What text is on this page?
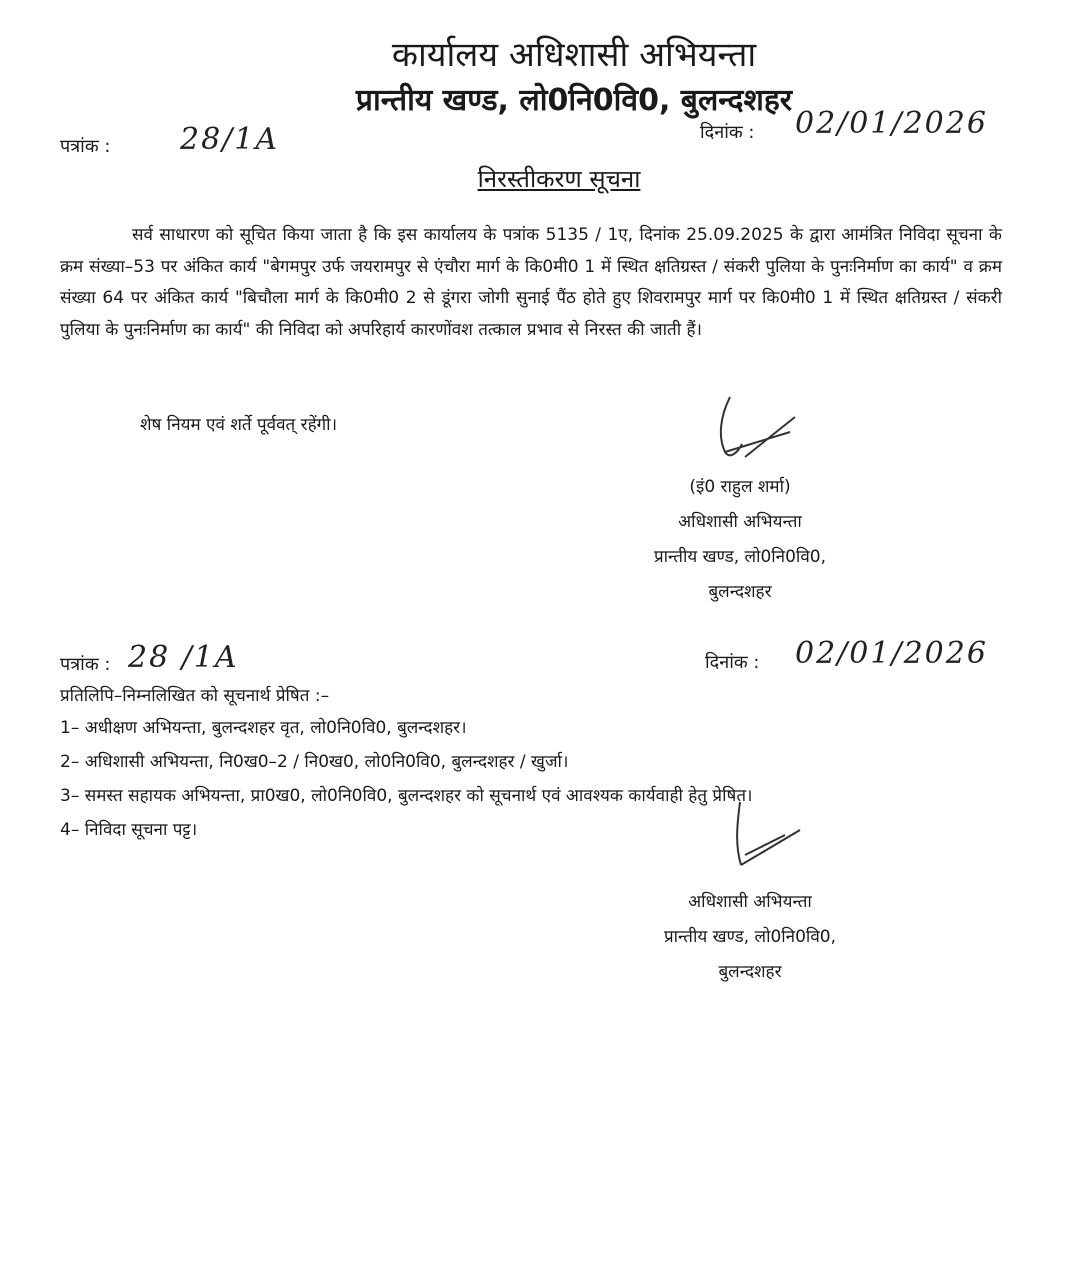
कार्यालय अधिशासी अभियन्ता
प्रान्तीय खण्ड, लो0नि0वि0, बुलन्दशहर
पत्रांक : 28/1A	दिनांक : 02/01/2026
निरस्तीकरण सूचना
सर्व साधारण को सूचित किया जाता है कि इस कार्यालय के पत्रांक 5135 / 1ए, दिनांक 25.09.2025 के द्वारा आमंत्रित निविदा सूचना के क्रम संख्या–53 पर अंकित कार्य "बेगमपुर उर्फ जयरामपुर से एंचौरा मार्ग के कि0मी0 1 में स्थित क्षतिग्रस्त / संकरी पुलिया के पुनःनिर्माण का कार्य" व क्रम संख्या 64 पर अंकित कार्य "बिचौला मार्ग के कि0मी0 2 से डूंगरा जोगी सुनाई पैंठ होते हुए शिवरामपुर मार्ग पर कि0मी0 1 में स्थित क्षतिग्रस्त / संकरी पुलिया के पुनःनिर्माण का कार्य" की निविदा को अपरिहार्य कारणोंवश तत्काल प्रभाव से निरस्त की जाती हैं।
शेष नियम एवं शर्ते पूर्ववत् रहेंगी।
(इं0 राहुल शर्मा)
अधिशासी अभियन्ता
प्रान्तीय खण्ड, लो0नि0वि0,
बुलन्दशहर
पत्रांक : 28 /1A	दिनांक : 02/01/2026
प्रतिलिपि–निम्नलिखित को सूचनार्थ प्रेषित :–
1– अधीक्षण अभियन्ता, बुलन्दशहर वृत, लो0नि0वि0, बुलन्दशहर।
2– अधिशासी अभियन्ता, नि0ख0–2 / नि0ख0, लो0नि0वि0, बुलन्दशहर / खुर्जा।
3– समस्त सहायक अभियन्ता, प्रा0ख0, लो0नि0वि0, बुलन्दशहर को सूचनार्थ एवं आवश्यक कार्यवाही हेतु प्रेषित।
4– निविदा सूचना पट्ट।
अधिशासी अभियन्ता
प्रान्तीय खण्ड, लो0नि0वि0,
बुलन्दशहर
